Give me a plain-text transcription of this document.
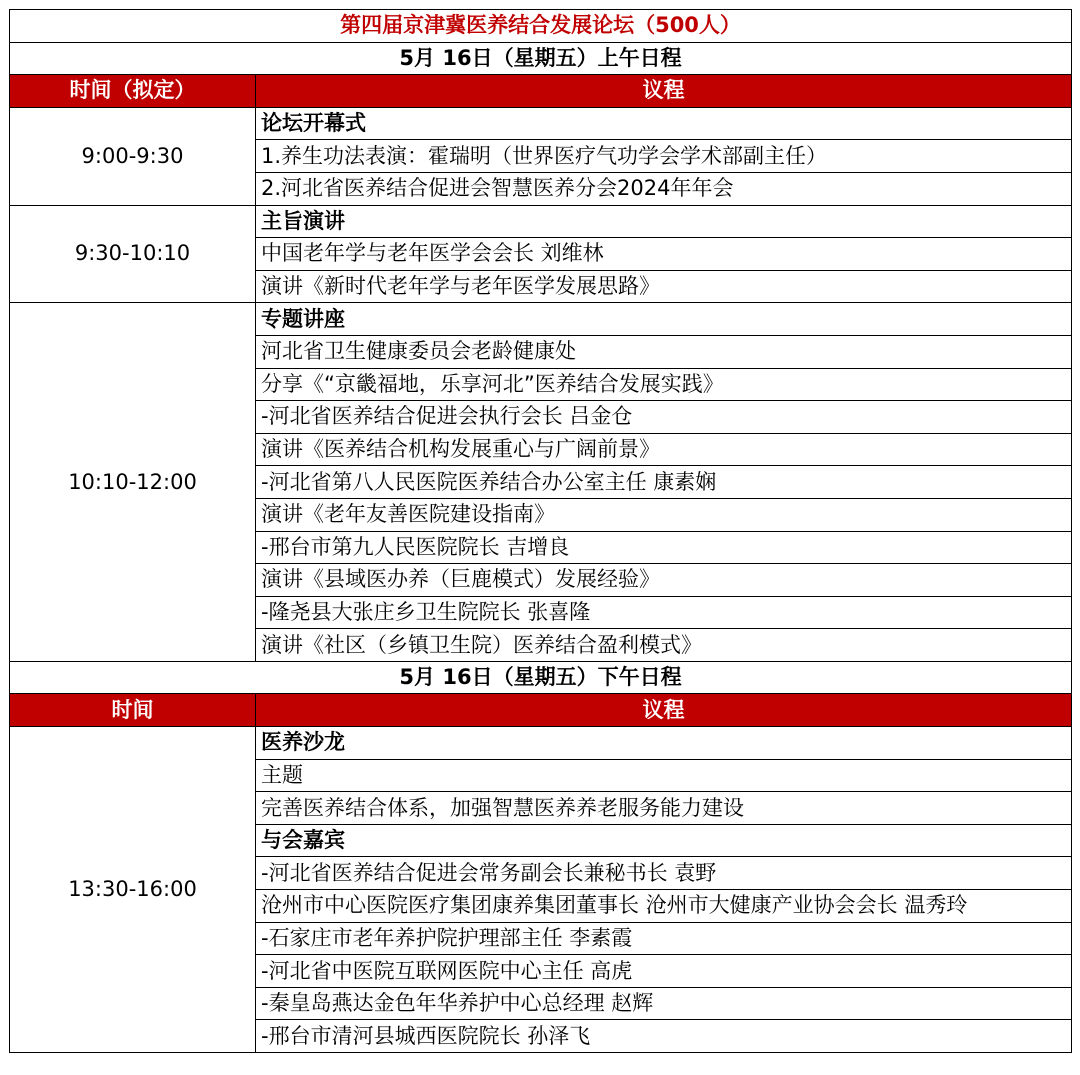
第四届京津冀医养结合发展论坛（500人）	
5月 16日（星期五）上午日程	
时间（拟定）	议程
9:00-9:30	论坛开幕式
	1.养生功法表演：霍瑞明（世界医疗气功学会学术部副主任）
	2.河北省医养结合促进会智慧医养分会2024年年会
9:30-10:10	主旨演讲
	中国老年学与老年医学会会长 刘维林
	演讲《新时代老年学与老年医学发展思路》
10:10-12:00	专题讲座
	河北省卫生健康委员会老龄健康处
	分享《“京畿福地，乐享河北”医养结合发展实践》
	-河北省医养结合促进会执行会长 吕金仓
	演讲《医养结合机构发展重心与广阔前景》
	-河北省第八人民医院医养结合办公室主任 康素娴
	演讲《老年友善医院建设指南》
	-邢台市第九人民医院院长 吉增良
	演讲《县域医办养（巨鹿模式）发展经验》
	-隆尧县大张庄乡卫生院院长 张喜隆
	演讲《社区（乡镇卫生院）医养结合盈利模式》
5月 16日（星期五）下午日程	
时间	议程
13:30-16:00	医养沙龙
	主题
	完善医养结合体系，加强智慧医养养老服务能力建设
	与会嘉宾
	-河北省医养结合促进会常务副会长兼秘书长 袁野
	沧州市中心医院医疗集团康养集团董事长 沧州市大健康产业协会会长 温秀玲
	-石家庄市老年养护院护理部主任 李素霞
	-河北省中医院互联网医院中心主任 高虎
	-秦皇岛燕达金色年华养护中心总经理 赵辉
	-邢台市清河县城西医院院长 孙泽飞
